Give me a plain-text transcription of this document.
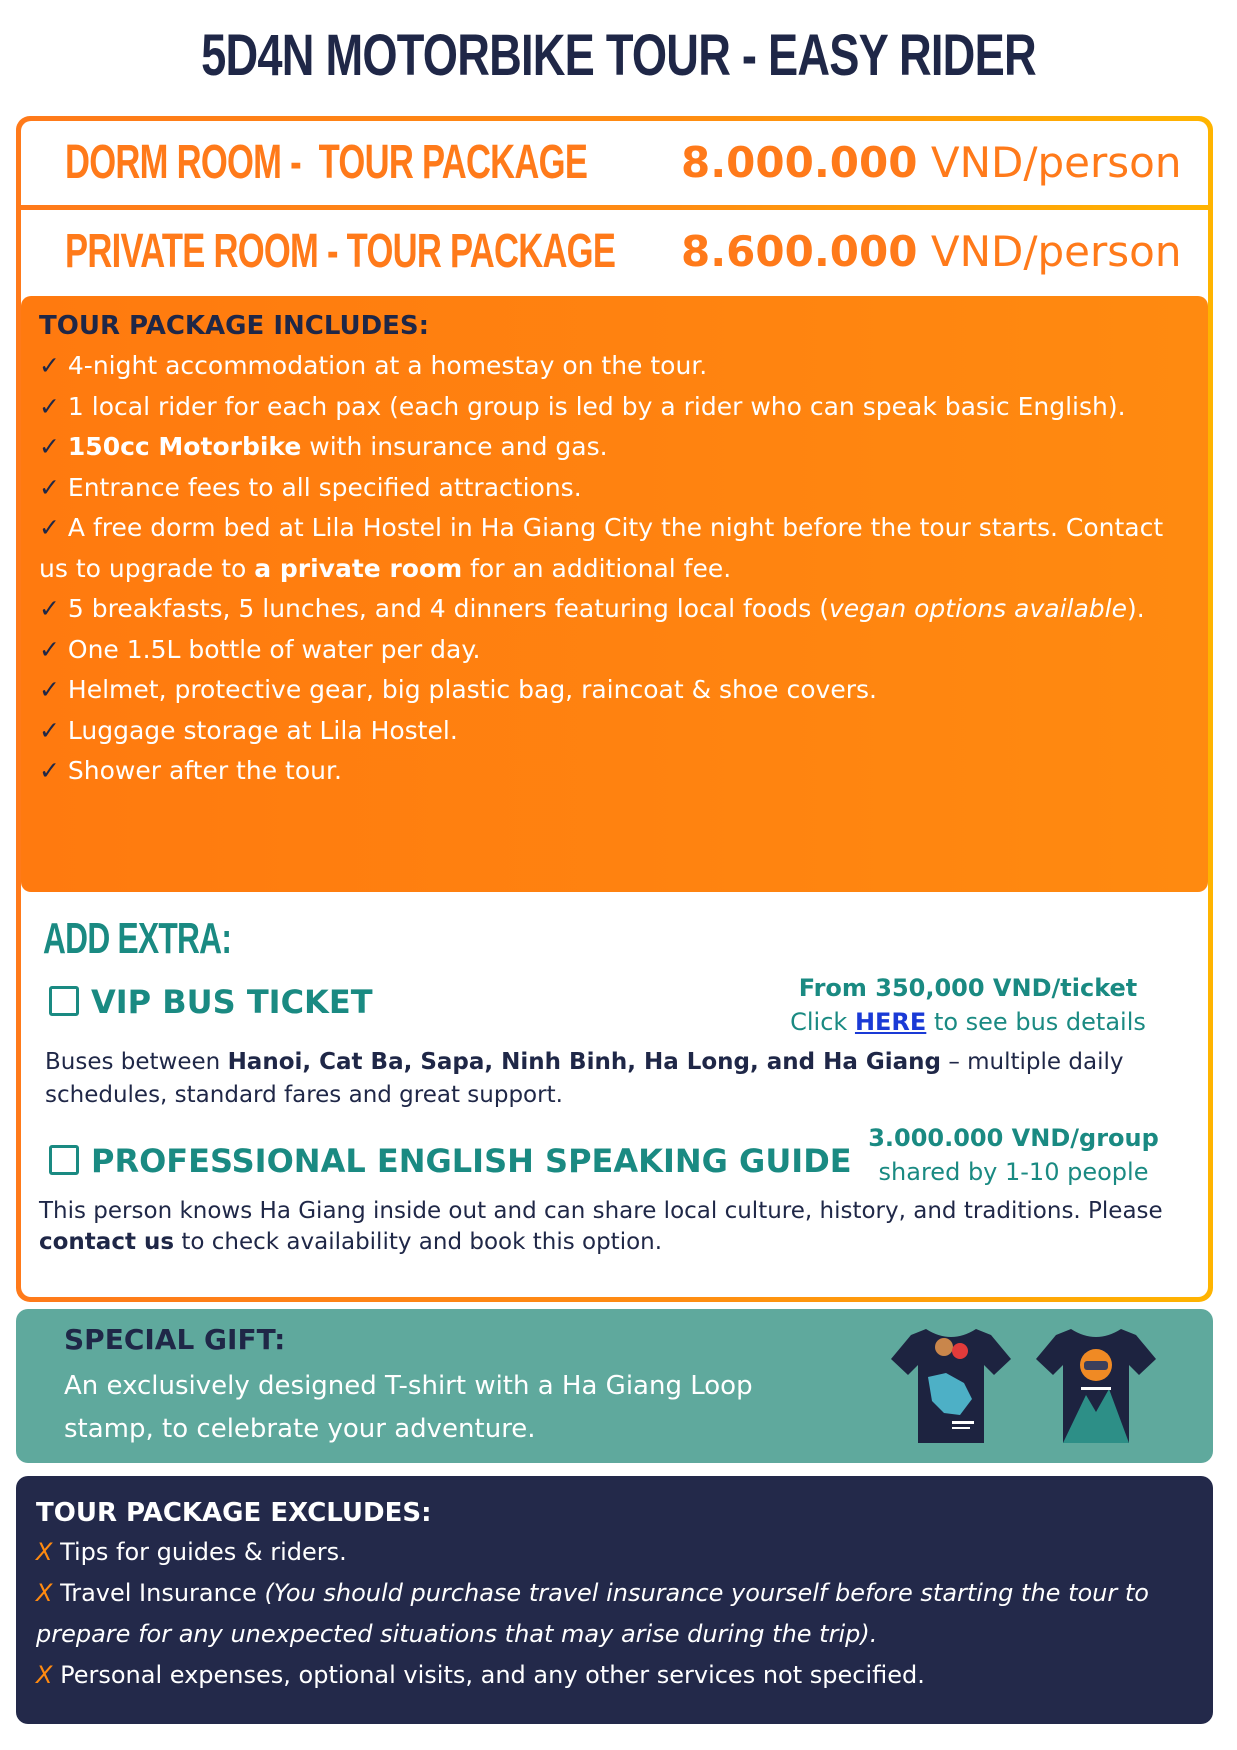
5D4N MOTORBIKE TOUR - EASY RIDER
DORM ROOM -  TOUR PACKAGE 8.000.000 VND/person
PRIVATE ROOM - TOUR PACKAGE 8.600.000 VND/person
TOUR PACKAGE INCLUDES:

✓ 4-night accommodation at a homestay on the tour.

✓ 1 local rider for each pax (each group is led by a rider who can speak basic English).

✓ 150cc Motorbike with insurance and gas.

✓ Entrance fees to all specified attractions.

✓ A free dorm bed at Lila Hostel in Ha Giang City the night before the tour starts. Contact us to upgrade to a private room for an additional fee.

✓ 5 breakfasts, 5 lunches, and 4 dinners featuring local foods (vegan options available).

✓ One 1.5L bottle of water per day.

✓ Helmet, protective gear, big plastic bag, raincoat & shoe covers.

✓ Luggage storage at Lila Hostel.

✓ Shower after the tour.

ADD EXTRA:
VIP BUS TICKET	From 350,000 VND/ticket
Click HERE to see bus details
Buses between Hanoi, Cat Ba, Sapa, Ninh Binh, Ha Long, and Ha Giang – multiple daily schedules, standard fares and great support.
PROFESSIONAL ENGLISH SPEAKING GUIDE
3.000.000 VND/group
shared by 1-10 people
This person knows Ha Giang inside out and can share local culture, history, and traditions. Please contact us to check availability and book this option.
SPECIAL GIFT:

An exclusively designed T-shirt with a Ha Giang Loop stamp, to celebrate your adventure.

TOUR PACKAGE EXCLUDES:

X Tips for guides & riders.

X Travel Insurance (You should purchase travel insurance yourself before starting the tour to prepare for any unexpected situations that may arise during the trip).

X Personal expenses, optional visits, and any other services not specified.
